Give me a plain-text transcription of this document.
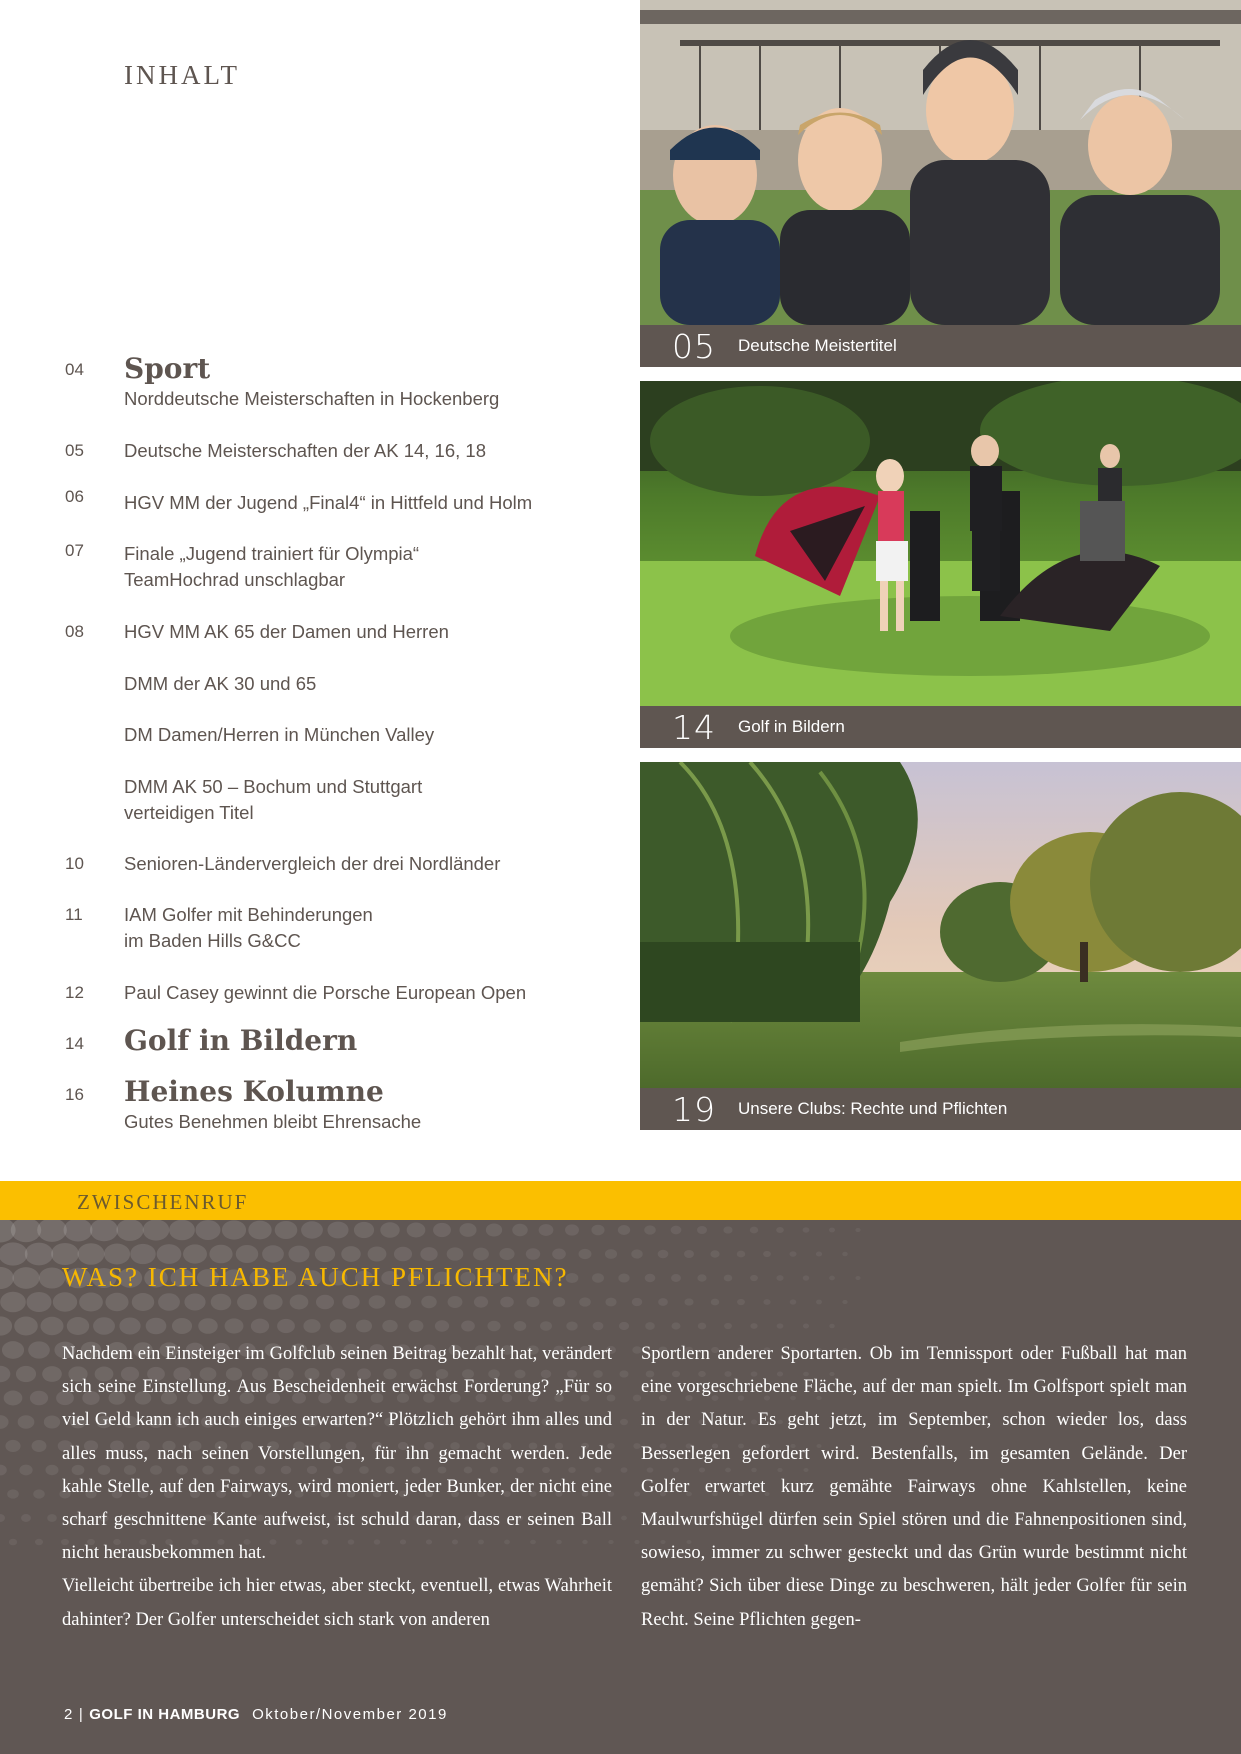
INHALT
04 Sport
Norddeutsche Meisterschaften in Hockenberg
05 Deutsche Meisterschaften der AK 14, 16, 18
06 HGV MM der Jugend „Final4“ in Hittfeld und Holm
07 Finale „Jugend trainiert für Olympia“
TeamHochrad unschlagbar
08 HGV MM AK 65 der Damen und Herren
DMM der AK 30 und 65
DM Damen/Herren in München Valley
DMM AK 50 – Bochum und Stuttgart
verteidigen Titel
10 Senioren-Ländervergleich der drei Nordländer
11 IAM Golfer mit Behinderungen
im Baden Hills G&CC
12 Paul Casey gewinnt die Porsche European Open
14 Golf in Bildern
16 Heines Kolumne
Gutes Benehmen bleibt Ehrensache
05 Deutsche Meistertitel
14 Golf in Bildern
19 Unsere Clubs: Rechte und Pflichten
ZWISCHENRUF
WAS? ICH HABE AUCH PFLICHTEN?

Nachdem ein Einsteiger im Golfclub seinen Beitrag bezahlt hat, verändert sich seine Einstellung. Aus Bescheidenheit erwächst Forderung? „Für so viel Geld kann ich auch einiges erwarten?“ Plötzlich gehört ihm alles und alles muss, nach seinen Vorstellungen, für ihn gemacht werden. Jede kahle Stelle, auf den Fairways, wird moniert, jeder Bunker, der nicht eine scharf geschnittene Kante aufweist, ist schuld daran, dass er seinen Ball nicht herausbekommen hat.

Vielleicht übertreibe ich hier etwas, aber steckt, eventuell, etwas Wahrheit dahinter? Der Golfer unterscheidet sich stark von anderen

Sportlern anderer Sportarten. Ob im Tennissport oder Fußball hat man eine vorgeschriebene Fläche, auf der man spielt. Im Golfsport spielt man in der Natur. Es geht jetzt, im September, schon wieder los, dass Besserlegen gefordert wird. Bestenfalls, im gesamten Gelände. Der Golfer erwartet kurz gemähte Fairways ohne Kahlstellen, keine Maulwurfshügel dürfen sein Spiel stören und die Fahnenpositionen sind, sowieso, immer zu schwer gesteckt und das Grün wurde bestimmt nicht gemäht? Sich über diese Dinge zu beschweren, hält jeder Golfer für sein Recht. Seine Pflichten gegen-

2 | GOLF IN HAMBURG Oktober/November 2019
